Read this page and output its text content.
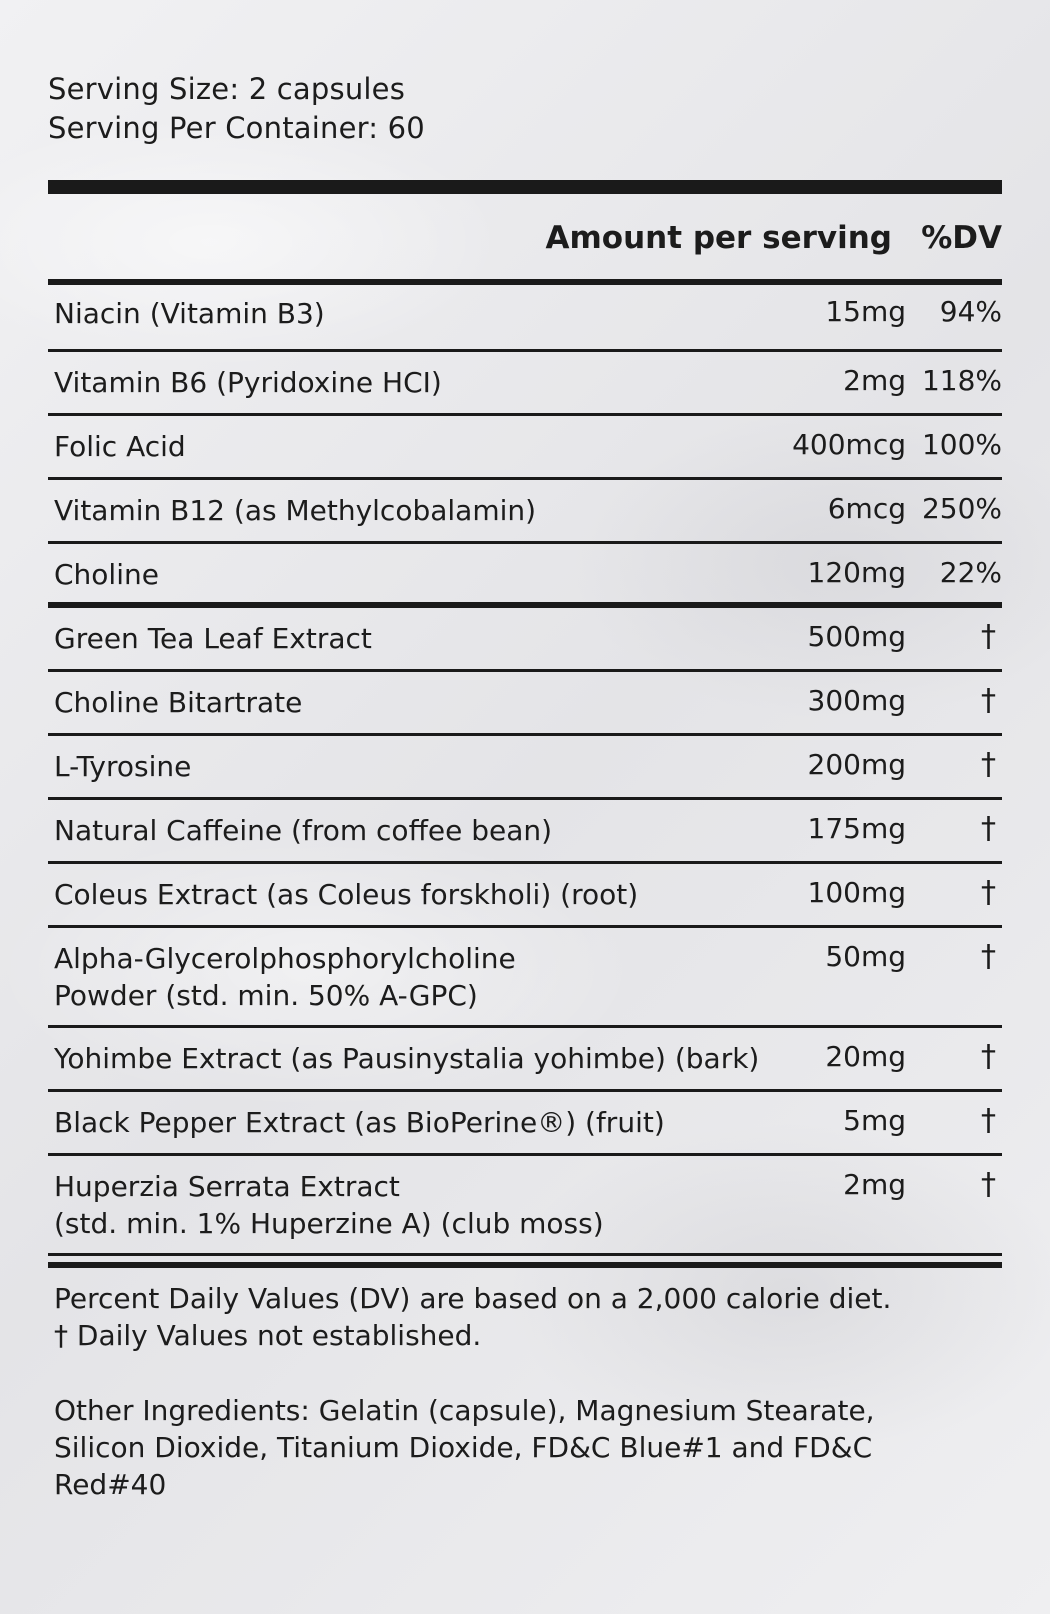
Serving Size: 2 capsules
Serving Per Container: 60
Amount per serving %DV
Niacin (Vitamin B3)	15mg 94%
Vitamin B6 (Pyridoxine HCI)	2mg 118%
Folic Acid	400mcg 100%
Vitamin B12 (as Methylcobalamin)	6mcg 250%
Choline	120mg 22%
Green Tea Leaf Extract	500mg	†
Choline Bitartrate	300mg	†
L-Tyrosine	200mg	†
Natural Caffeine (from coffee bean)	175mg	†
Coleus Extract (as Coleus forskholi) (root)	100mg	†
Alpha-Glycerolphosphorylcholine
Powder (std. min. 50% A-GPC)
50mg	†
Yohimbe Extract (as Pausinystalia yohimbe) (bark) 20mg	†
Black Pepper Extract (as BioPerine®) (fruit)	5mg	†
Huperzia Serrata Extract
(std. min. 1% Huperzine A) (club moss)
2mg	†
Percent Daily Values (DV) are based on a 2,000 calorie diet.
† Daily Values not established.
Other Ingredients: Gelatin (capsule), Magnesium Stearate,
Silicon Dioxide, Titanium Dioxide, FD&C Blue#1 and FD&C
Red#40
